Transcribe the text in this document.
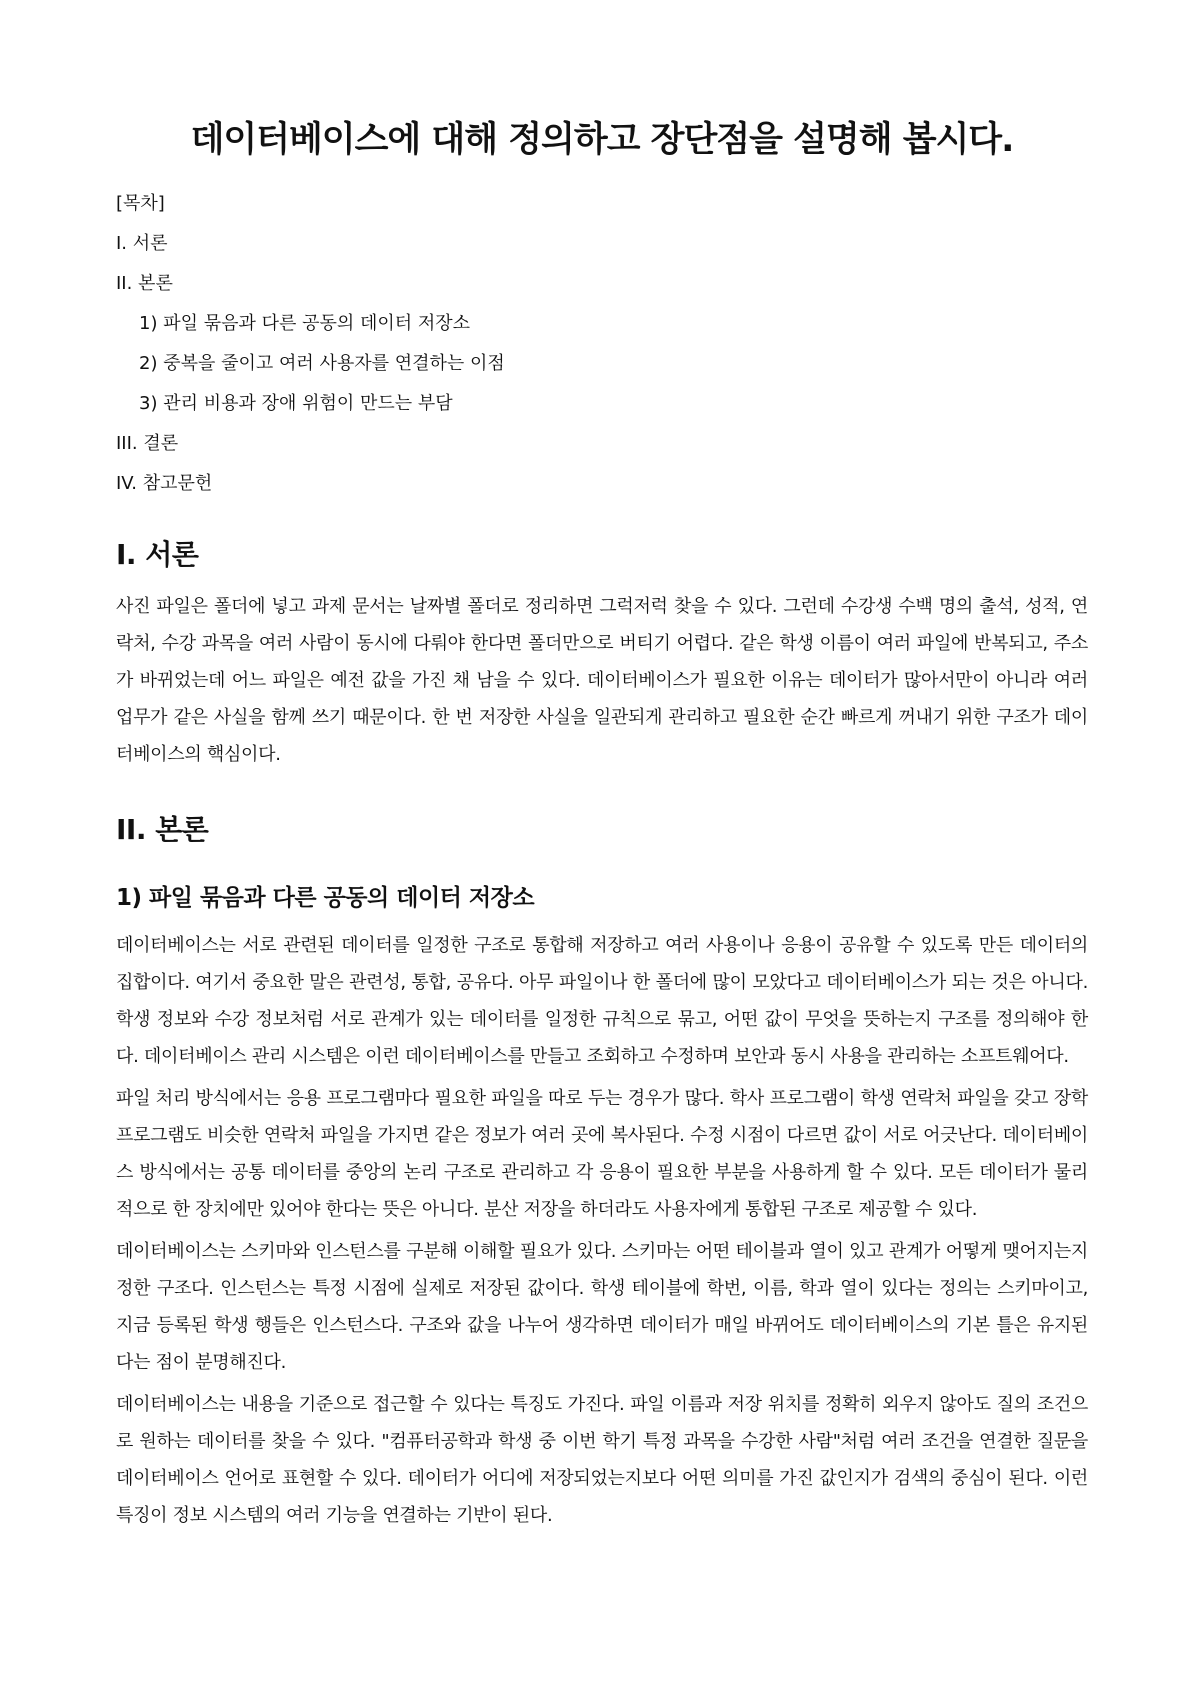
데이터베이스에 대해 정의하고 장단점을 설명해 봅시다.
[목차]
I. 서론
II. 본론
1) 파일 묶음과 다른 공동의 데이터 저장소
2) 중복을 줄이고 여러 사용자를 연결하는 이점
3) 관리 비용과 장애 위험이 만드는 부담
III. 결론
IV. 참고문헌
I. 서론

사진 파일은 폴더에 넣고 과제 문서는 날짜별 폴더로 정리하면 그럭저럭 찾을 수 있다. 그런데 수강생 수백 명의 출석, 성적, 연락처, 수강 과목을 여러 사람이 동시에 다뤄야 한다면 폴더만으로 버티기 어렵다. 같은 학생 이름이 여러 파일에 반복되고, 주소가 바뀌었는데 어느 파일은 예전 값을 가진 채 남을 수 있다. 데이터베이스가 필요한 이유는 데이터가 많아서만이 아니라 여러 업무가 같은 사실을 함께 쓰기 때문이다. 한 번 저장한 사실을 일관되게 관리하고 필요한 순간 빠르게 꺼내기 위한 구조가 데이터베이스의 핵심이다.

II. 본론
1) 파일 묶음과 다른 공동의 데이터 저장소

데이터베이스는 서로 관련된 데이터를 일정한 구조로 통합해 저장하고 여러 사용이나 응용이 공유할 수 있도록 만든 데이터의 집합이다. 여기서 중요한 말은 관련성, 통합, 공유다. 아무 파일이나 한 폴더에 많이 모았다고 데이터베이스가 되는 것은 아니다. 학생 정보와 수강 정보처럼 서로 관계가 있는 데이터를 일정한 규칙으로 묶고, 어떤 값이 무엇을 뜻하는지 구조를 정의해야 한다. 데이터베이스 관리 시스템은 이런 데이터베이스를 만들고 조회하고 수정하며 보안과 동시 사용을 관리하는 소프트웨어다.

파일 처리 방식에서는 응용 프로그램마다 필요한 파일을 따로 두는 경우가 많다. 학사 프로그램이 학생 연락처 파일을 갖고 장학 프로그램도 비슷한 연락처 파일을 가지면 같은 정보가 여러 곳에 복사된다. 수정 시점이 다르면 값이 서로 어긋난다. 데이터베이스 방식에서는 공통 데이터를 중앙의 논리 구조로 관리하고 각 응용이 필요한 부분을 사용하게 할 수 있다. 모든 데이터가 물리적으로 한 장치에만 있어야 한다는 뜻은 아니다. 분산 저장을 하더라도 사용자에게 통합된 구조로 제공할 수 있다.

데이터베이스는 스키마와 인스턴스를 구분해 이해할 필요가 있다. 스키마는 어떤 테이블과 열이 있고 관계가 어떻게 맺어지는지 정한 구조다. 인스턴스는 특정 시점에 실제로 저장된 값이다. 학생 테이블에 학번, 이름, 학과 열이 있다는 정의는 스키마이고, 지금 등록된 학생 행들은 인스턴스다. 구조와 값을 나누어 생각하면 데이터가 매일 바뀌어도 데이터베이스의 기본 틀은 유지된다는 점이 분명해진다.

데이터베이스는 내용을 기준으로 접근할 수 있다는 특징도 가진다. 파일 이름과 저장 위치를 정확히 외우지 않아도 질의 조건으로 원하는 데이터를 찾을 수 있다. "컴퓨터공학과 학생 중 이번 학기 특정 과목을 수강한 사람"처럼 여러 조건을 연결한 질문을 데이터베이스 언어로 표현할 수 있다. 데이터가 어디에 저장되었는지보다 어떤 의미를 가진 값인지가 검색의 중심이 된다. 이런 특징이 정보 시스템의 여러 기능을 연결하는 기반이 된다.
